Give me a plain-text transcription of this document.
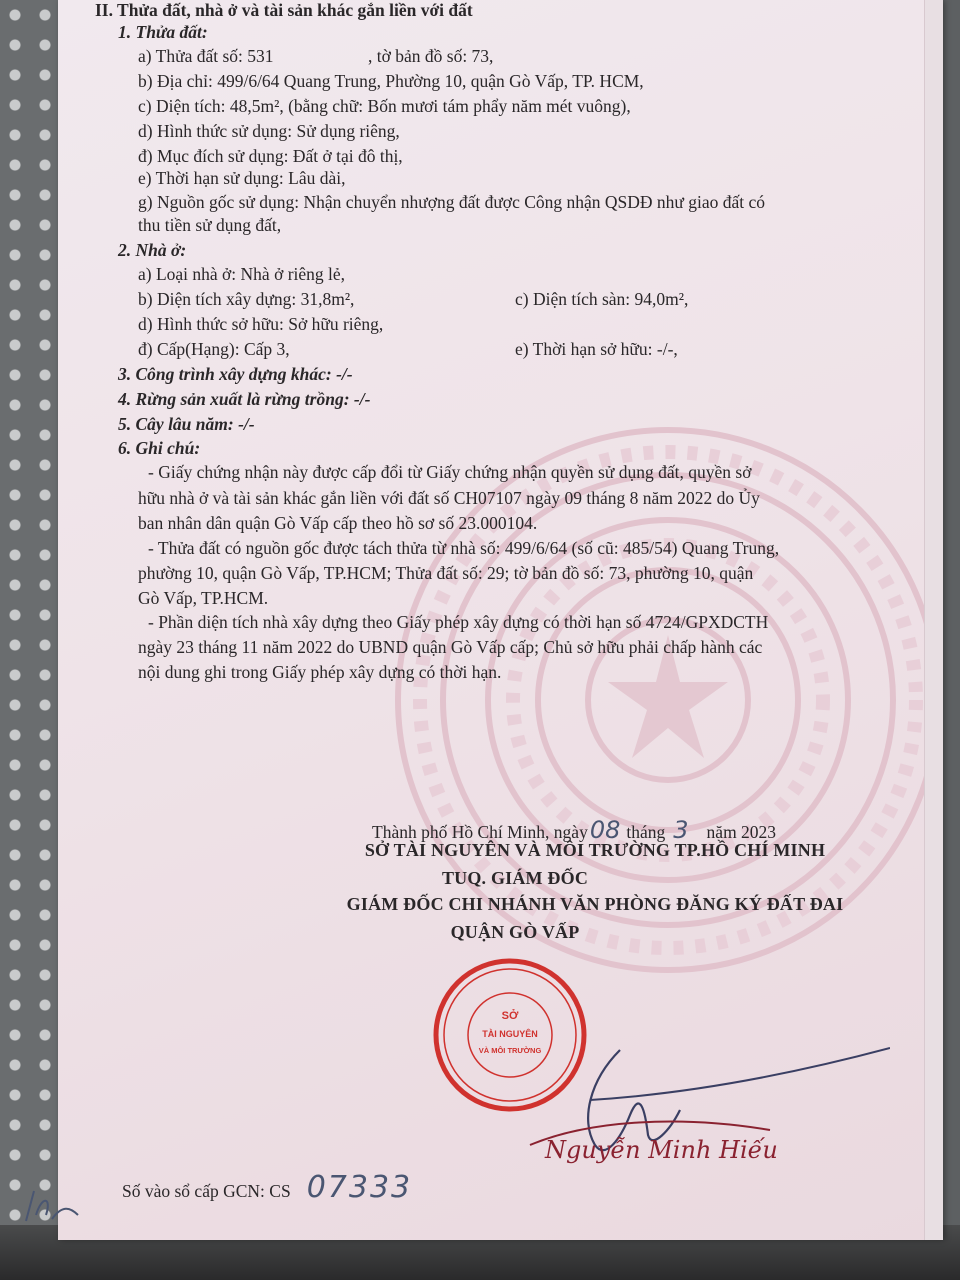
II. Thửa đất, nhà ở và tài sản khác gắn liền với đất
1. Thửa đất:
a) Thửa đất số: 531	, tờ bản đồ số: 73,
b) Địa chỉ: 499/6/64 Quang Trung, Phường 10, quận Gò Vấp, TP. HCM,
c) Diện tích: 48,5m², (bằng chữ: Bốn mươi tám phẩy năm mét vuông),
d) Hình thức sử dụng: Sử dụng riêng,
đ) Mục đích sử dụng: Đất ở tại đô thị,
e) Thời hạn sử dụng: Lâu dài,
g) Nguồn gốc sử dụng: Nhận chuyển nhượng đất được Công nhận QSDĐ như giao đất có
thu tiền sử dụng đất,
2. Nhà ở:
a) Loại nhà ở: Nhà ở riêng lẻ,
b) Diện tích xây dựng: 31,8m²,	c) Diện tích sàn: 94,0m²,
d) Hình thức sở hữu: Sở hữu riêng,
đ) Cấp(Hạng): Cấp 3,	e) Thời hạn sở hữu: -/-,
3. Công trình xây dựng khác: -/-
4. Rừng sản xuất là rừng trồng: -/-
5. Cây lâu năm: -/-
6. Ghi chú:
- Giấy chứng nhận này được cấp đổi từ Giấy chứng nhận quyền sử dụng đất, quyền sở
hữu nhà ở và tài sản khác gắn liền với đất số CH07107 ngày 09 tháng 8 năm 2022 do Ủy
ban nhân dân quận Gò Vấp cấp theo hồ sơ số 23.000104.
- Thửa đất có nguồn gốc được tách thửa từ nhà số: 499/6/64 (số cũ: 485/54) Quang Trung,
phường 10, quận Gò Vấp, TP.HCM; Thửa đất số: 29; tờ bản đồ số: 73, phường 10, quận
Gò Vấp, TP.HCM.
- Phần diện tích nhà xây dựng theo Giấy phép xây dựng có thời hạn số 4724/GPXDCTH
ngày 23 tháng 11 năm 2022 do UBND quận Gò Vấp cấp; Chủ sở hữu phải chấp hành các
nội dung ghi trong Giấy phép xây dựng có thời hạn.
Thành phố Hồ Chí Minh, ngày08 tháng 3 năm 2023
SỞ TÀI NGUYÊN VÀ MÔI TRƯỜNG TP.HỒ CHÍ MINH
TUQ. GIÁM ĐỐC
GIÁM ĐỐC CHI NHÁNH VĂN PHÒNG ĐĂNG KÝ ĐẤT ĐAI
QUẬN GÒ VẤP
Số vào sổ cấp GCN: CS 07333
SỞ
TÀI NGUYÊN
VÀ MÔI TRƯỜNG
Nguyễn Minh Hiếu
